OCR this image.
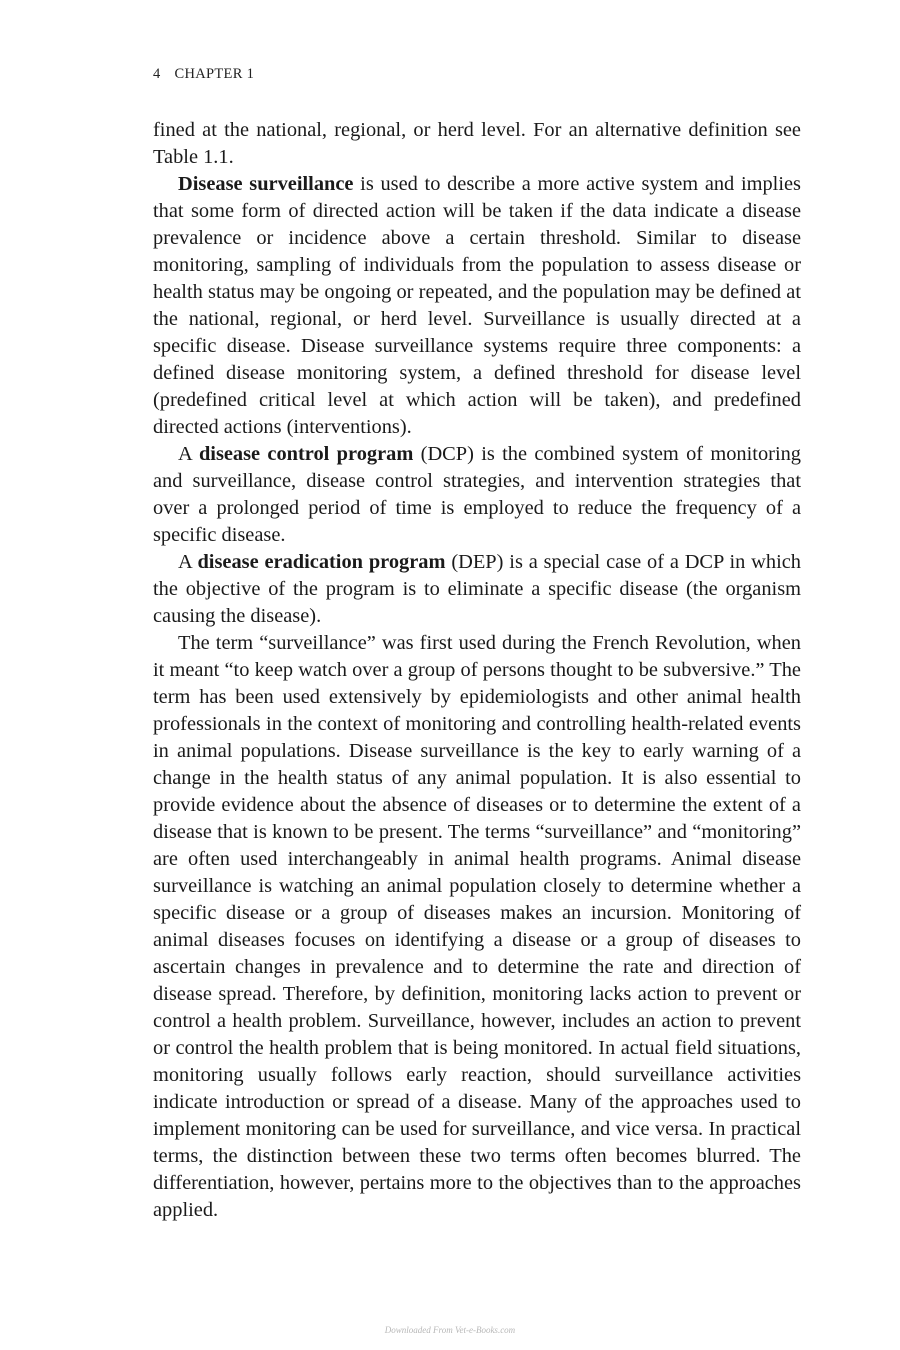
4 CHAPTER 1

fined at the national, regional, or herd level. For an alternative definition see Table 1.1.

Disease surveillance is used to describe a more active system and implies that some form of directed action will be taken if the data indicate a disease prevalence or incidence above a certain threshold. Similar to disease monitoring, sampling of individuals from the population to assess disease or health status may be ongoing or repeated, and the population may be defined at the national, regional, or herd level. Surveillance is usually directed at a specific disease. Disease surveillance systems require three components: a defined disease monitoring system, a defined threshold for disease level (predefined critical level at which action will be taken), and predefined directed actions (interventions).

A disease control program (DCP) is the combined system of monitoring and surveillance, disease control strategies, and intervention strategies that over a prolonged period of time is employed to reduce the frequency of a specific disease.

A disease eradication program (DEP) is a special case of a DCP in which the objective of the program is to eliminate a specific disease (the organism causing the disease).

The term “surveillance” was first used during the French Revolution, when it meant “to keep watch over a group of persons thought to be subversive.” The term has been used extensively by epidemiologists and other animal health professionals in the context of monitoring and controlling health-related events in animal populations. Disease surveillance is the key to early warning of a change in the health status of any animal population. It is also essential to provide evidence about the absence of diseases or to determine the extent of a disease that is known to be present. The terms “surveillance” and “monitoring” are often used interchangeably in animal health programs. Animal disease surveillance is watching an animal population closely to determine whether a specific disease or a group of diseases makes an incursion. Monitoring of animal diseases focuses on identifying a disease or a group of diseases to ascertain changes in prevalence and to determine the rate and direction of disease spread. Therefore, by definition, monitoring lacks action to prevent or control a health problem. Surveillance, however, includes an action to prevent or control the health problem that is being monitored. In actual field situations, monitoring usually follows early reaction, should surveillance activities indicate introduction or spread of a disease. Many of the approaches used to implement monitoring can be used for surveillance, and vice versa. In practical terms, the distinction between these two terms often becomes blurred. The differentiation, however, pertains more to the objectives than to the approaches applied.

Downloaded From Vet-e-Books.com
